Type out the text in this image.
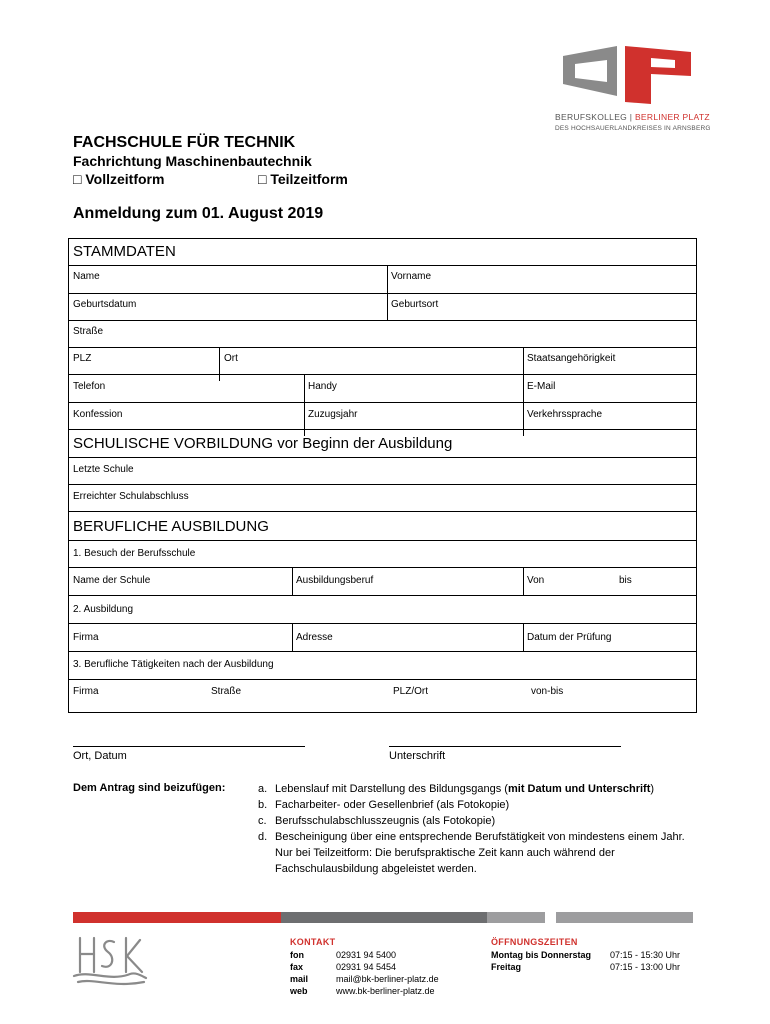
BERUFSKOLLEG | BERLINER PLATZ
DES HOCHSAUERLANDKREISES IN ARNSBERG
FACHSCHULE FÜR TECHNIK
Fachrichtung Maschinenbautechnik
□ Vollzeitform	□ Teilzeitform
Anmeldung zum 01. August 2019
STAMMDATEN
Name	Vorname
Geburtsdatum	Geburtsort
Straße
PLZ	Ort	Staatsangehörigkeit
Telefon	Handy	E-Mail
Konfession	Zuzugsjahr	Verkehrssprache
SCHULISCHE VORBILDUNG vor Beginn der Ausbildung
Letzte Schule
Erreichter Schulabschluss
BERUFLICHE AUSBILDUNG
1. Besuch der Berufsschule
Name der Schule	Ausbildungsberuf	Von	bis
2. Ausbildung
Firma	Adresse	Datum der Prüfung
3. Berufliche Tätigkeiten nach der Ausbildung
Firma	Straße	PLZ/Ort	von-bis
Ort, Datum	Unterschrift
Dem Antrag sind beizufügen:	a. Lebenslauf mit Darstellung des Bildungsgangs (mit Datum und Unterschrift)
b. Facharbeiter- oder Gesellenbrief (als Fotokopie)
c. Berufsschulabschlusszeugnis (als Fotokopie)
d. Bescheinigung über eine entsprechende Berufstätigkeit von mindestens einem Jahr. Nur bei Teilzeitform: Die berufspraktische Zeit kann auch während der Fachschulausbildung abgeleistet werden.
KONTAKT
fon	02931 94 5400
fax	02931 94 5454
mail	mail@bk-berliner-platz.de
web	www.bk-berliner-platz.de
ÖFFNUNGSZEITEN
Montag bis Donnerstag 07:15 - 15:30 Uhr
Freitag	07:15 - 13:00 Uhr
